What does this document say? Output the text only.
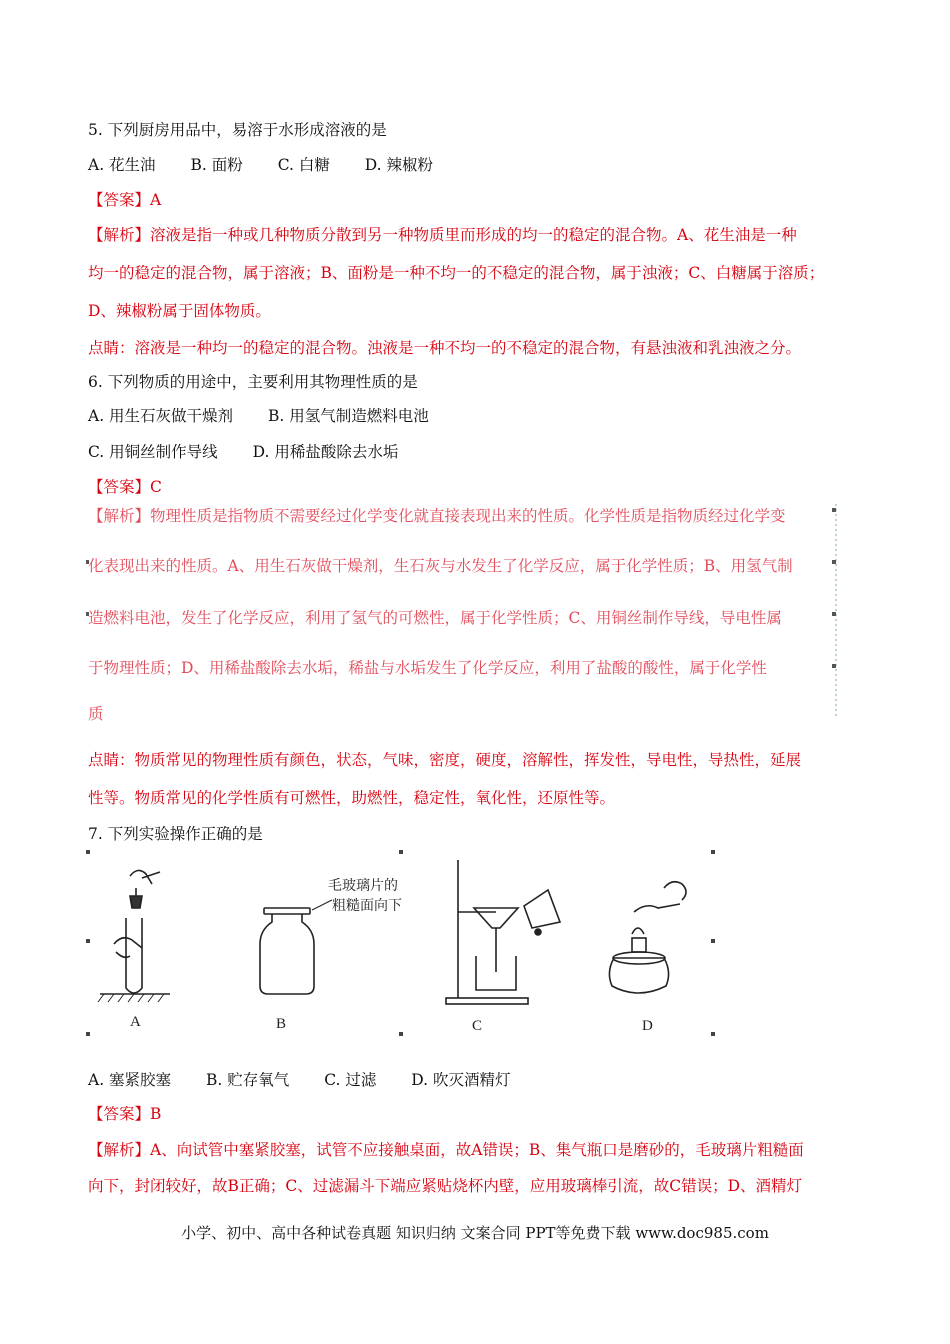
5. 下列厨房用品中，易溶于水形成溶液的是
A. 花生油 B. 面粉 C. 白糖 D. 辣椒粉
【答案】A
【解析】溶液是指一种或几种物质分散到另一种物质里而形成的均一的稳定的混合物。A、花生油是一种
均一的稳定的混合物，属于溶液；B、面粉是一种不均一的不稳定的混合物，属于浊液；C、白糖属于溶质；
D、辣椒粉属于固体物质。
点睛：溶液是一种均一的稳定的混合物。浊液是一种不均一的不稳定的混合物，有悬浊液和乳浊液之分。
6. 下列物质的用途中，主要利用其物理性质的是
A. 用生石灰做干燥剂 B. 用氢气制造燃料电池
C. 用铜丝制作导线 D. 用稀盐酸除去水垢
【答案】C
【解析】物理性质是指物质不需要经过化学变化就直接表现出来的性质。化学性质是指物质经过化学变
化表现出来的性质。A、用生石灰做干燥剂，生石灰与水发生了化学反应，属于化学性质；B、用氢气制
造燃料电池，发生了化学反应，利用了氢气的可燃性，属于化学性质；C、用铜丝制作导线，导电性属
于物理性质；D、用稀盐酸除去水垢，稀盐与水垢发生了化学反应，利用了盐酸的酸性，属于化学性
质
点睛：物质常见的物理性质有颜色，状态，气味，密度，硬度，溶解性，挥发性，导电性，导热性，延展
性等。物质常见的化学性质有可燃性，助燃性，稳定性，氧化性，还原性等。
7. 下列实验操作正确的是
A
毛玻璃片的
粗糙面向下
B	C	D
A. 塞紧胶塞 B. 贮存氧气 C. 过滤 D. 吹灭酒精灯
【答案】B
【解析】A、向试管中塞紧胶塞，试管不应接触桌面，故A错误；B、集气瓶口是磨砂的，毛玻璃片粗糙面
向下，封闭较好，故B正确；C、过滤漏斗下端应紧贴烧杯内壁，应用玻璃棒引流，故C错误；D、酒精灯
小学、初中、高中各种试卷真题 知识归纳 文案合同 PPT等免费下载 www.doc985.com
